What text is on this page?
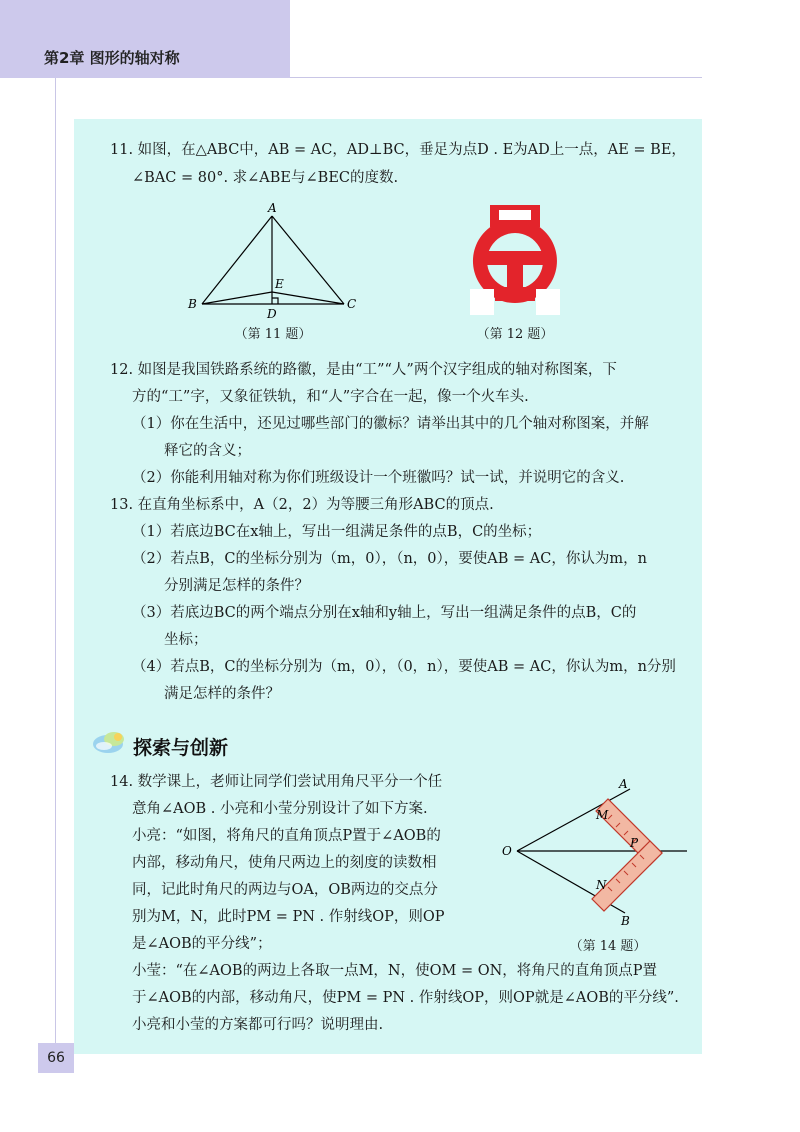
第2章 图形的轴对称
11. 如图，在△ABC中，AB = AC，AD⊥BC，垂足为点D . E为AD上一点，AE = BE，
∠BAC = 80°. 求∠ABE与∠BEC的度数.
A
B	C
D
E
（第 11 题）	（第 12 题）
12. 如图是我国铁路系统的路徽，是由“工”“人”两个汉字组成的轴对称图案，下
方的“工”字，又象征铁轨，和“人”字合在一起，像一个火车头.
（1）你在生活中，还见过哪些部门的徽标？请举出其中的几个轴对称图案，并解
释它的含义；
（2）你能利用轴对称为你们班级设计一个班徽吗？试一试，并说明它的含义.
13. 在直角坐标系中，A（2，2）为等腰三角形ABC的顶点.
（1）若底边BC在x轴上，写出一组满足条件的点B，C的坐标；
（2）若点B，C的坐标分别为（m，0），（n，0），要使AB = AC，你认为m，n
分别满足怎样的条件？
（3）若底边BC的两个端点分别在x轴和y轴上，写出一组满足条件的点B，C的
坐标；
（4）若点B，C的坐标分别为（m，0），（0，n），要使AB = AC，你认为m，n分别
满足怎样的条件？
探索与创新
14. 数学课上，老师让同学们尝试用角尺平分一个任
意角∠AOB . 小亮和小莹分别设计了如下方案.
小亮：“如图，将角尺的直角顶点P置于∠AOB的
内部，移动角尺，使角尺两边上的刻度的读数相
同，记此时角尺的两边与OA，OB两边的交点分
别为M，N，此时PM = PN . 作射线OP，则OP
是∠AOB的平分线”；
小莹：“在∠AOB的两边上各取一点M，N，使OM = ON，将角尺的直角顶点P置
于∠AOB的内部，移动角尺，使PM = PN . 作射线OP，则OP就是∠AOB的平分线”.
小亮和小莹的方案都可行吗？说明理由.
A
O
M
P
N
B
（第 14 题）
66
